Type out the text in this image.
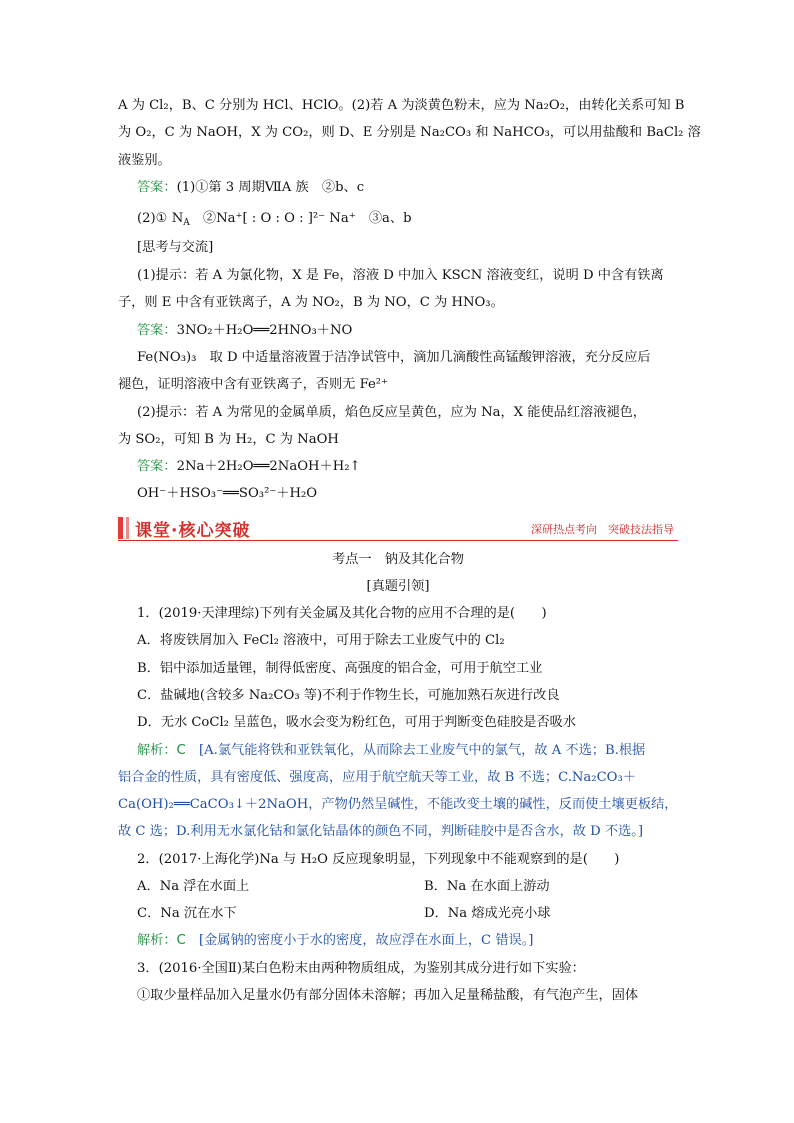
A 为 Cl₂，B、C 分别为 HCl、HClO。(2)若 A 为淡黄色粉末，应为 Na₂O₂，由转化关系可知 B
为 O₂，C 为 NaOH，X 为 CO₂，则 D、E 分别是 Na₂CO₃ 和 NaHCO₃，可以用盐酸和 BaCl₂ 溶
液鉴别。
答案：(1)①第 3 周期ⅦA 族　②b、c
(2)① $N_A$　②Na⁺[ : O : O : ]²⁻ Na⁺　③a、b
[思考与交流]
(1)提示：若 A 为氯化物，X 是 Fe，溶液 D 中加入 KSCN 溶液变红，说明 D 中含有铁离
子，则 E 中含有亚铁离子，A 为 NO₂，B 为 NO，C 为 HNO₃。
答案：3NO₂＋H₂O══2HNO₃＋NO
Fe(NO₃)₃　取 D 中适量溶液置于洁净试管中，滴加几滴酸性高锰酸钾溶液，充分反应后
褪色，证明溶液中含有亚铁离子，否则无 Fe²⁺
(2)提示：若 A 为常见的金属单质，焰色反应呈黄色，应为 Na，X 能使品红溶液褪色，
为 SO₂，可知 B 为 H₂，C 为 NaOH
答案：2Na＋2H₂O══2NaOH＋H₂↑
OH⁻＋HSO₃⁻══SO₃²⁻＋H₂O
课堂·核心突破	深研热点考向　突破技法指导
考点一　钠及其化合物
[真题引领]
1．(2019·天津理综)下列有关金属及其化合物的应用不合理的是(　　)
A．将废铁屑加入 FeCl₂ 溶液中，可用于除去工业废气中的 Cl₂
B．铝中添加适量锂，制得低密度、高强度的铝合金，可用于航空工业
C．盐碱地(含较多 Na₂CO₃ 等)不利于作物生长，可施加熟石灰进行改良
D．无水 CoCl₂ 呈蓝色，吸水会变为粉红色，可用于判断变色硅胶是否吸水
解析：C　 [A.氯气能将铁和亚铁氧化，从而除去工业废气中的氯气，故 A 不选；B.根据
铝合金的性质，具有密度低、强度高，应用于航空航天等工业，故 B 不选；C.Na₂CO₃＋
Ca(OH)₂══CaCO₃↓＋2NaOH，产物仍然呈碱性，不能改变土壤的碱性，反而使土壤更板结，
故 C 选；D.利用无水氯化钴和氯化钴晶体的颜色不同，判断硅胶中是否含水，故 D 不选。]
2．(2017·上海化学)Na 与 H₂O 反应现象明显，下列现象中不能观察到的是(　　)
A．Na 浮在水面上	B．Na 在水面上游动
C．Na 沉在水下	D．Na 熔成光亮小球
解析：C　 [金属钠的密度小于水的密度，故应浮在水面上，C 错误。]
3．(2016·全国Ⅱ)某白色粉末由两种物质组成，为鉴别其成分进行如下实验：
①取少量样品加入足量水仍有部分固体未溶解；再加入足量稀盐酸，有气泡产生，固体
